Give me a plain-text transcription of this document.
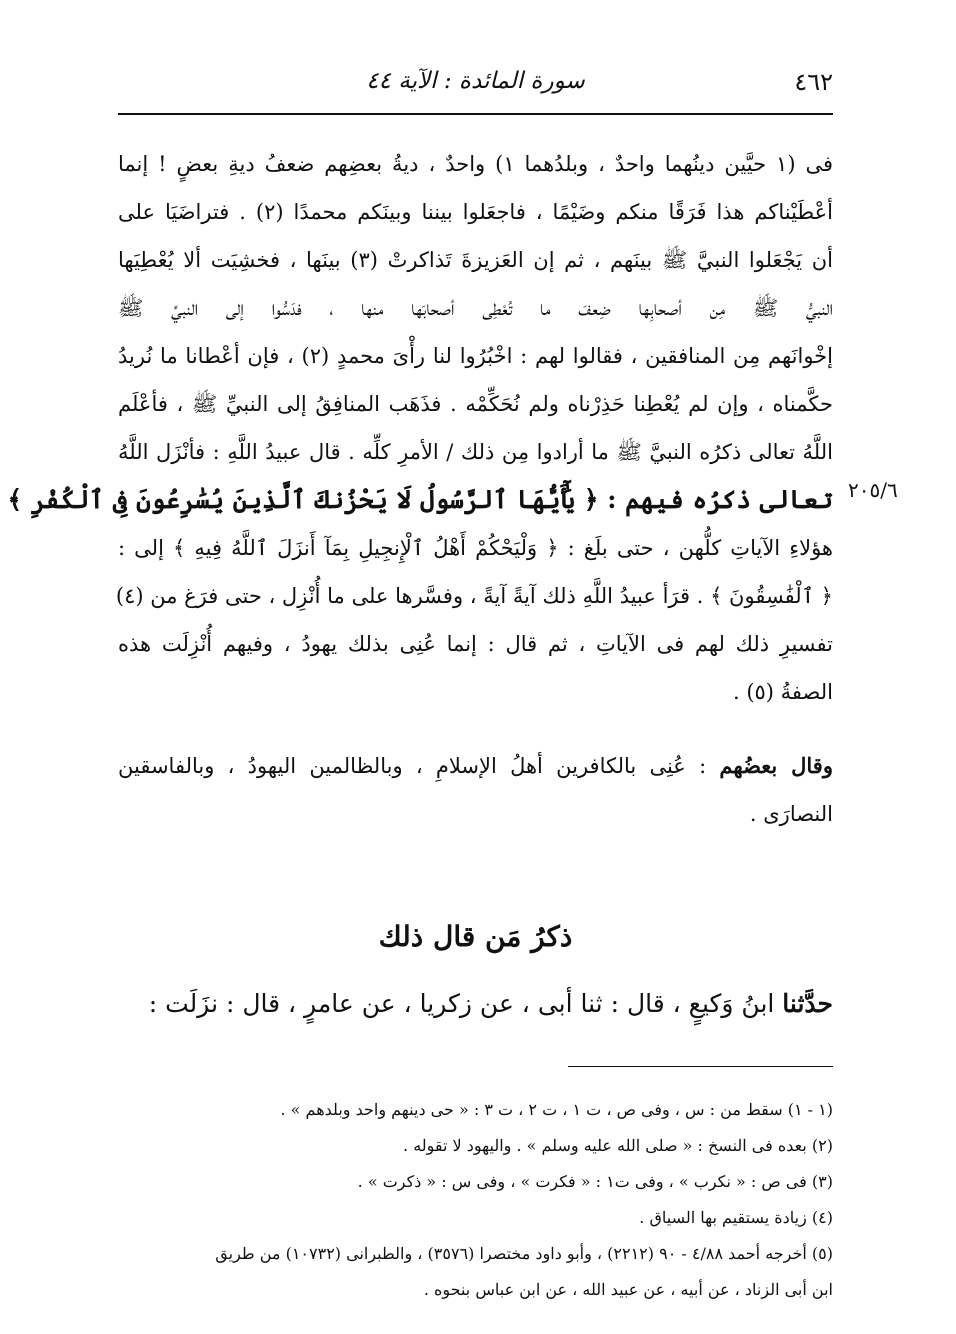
٤٦٢
سورة المائدة : الآية ٤٤
٢٠٥/٦
فى (١ حيَّين دينُهما واحدٌ ، وبلدُهما ١) واحدٌ ، ديةُ بعضِهم ضعفُ ديةِ بعضٍ ! إنما
أعْطَيْناكم هذا فَرَقًا منكم وضَيْمًا ، فاجعَلوا بيننا وبينَكم محمدًا (٢) . فتراضَيَا على
أن يَجْعَلوا النبيَّ ﷺ بينَهم ، ثم إن العَزيزةَ تَذاكرتْ (٣) بينَها ، فخشِيَت ألا يُعْطِيَها
النبيُّ ﷺ مِن أصحابِها ضِعفَ ما تُعْطِى أصحابَها منها ، فدَسُّوا إلى النبيِّ ﷺ
إخْوانَهم مِن المنافقين ، فقالوا لهم : اخْبُرُوا لنا رأْىَ محمدٍ (٢) ، فإن أعْطانا ما نُريدُ
حكَّمناه ، وإن لم يُعْطِنا حَذِرْناه ولم نُحَكِّمْه . فذَهَب المنافِقُ إلى النبيِّ ﷺ ، فأعْلَم
اللَّهُ تعالى ذكرُه النبيَّ ﷺ ما أرادوا مِن ذلك / الأمرِ كلِّه . قال عبيدُ اللَّهِ : فأنْزَل اللَّهُ
تعالى ذكرُه فيهم : ﴿ يَٰٓأَيُّهَا ٱلرَّسُولُ لَا يَحْزُنكَ ٱلَّذِينَ يُسَٰرِعُونَ فِى ٱلْكُفْرِ ﴾
هؤلاءِ الآياتِ كلُّهن ، حتى بلَغ : ﴿ وَلْيَحْكُمْ أَهْلُ ٱلْإِنجِيلِ بِمَآ أَنزَلَ ٱللَّهُ فِيهِ ﴾ إلى :
﴿ ٱلْفَٰسِقُونَ ﴾ . قرَأ عبيدُ اللَّهِ ذلك آيةً آيةً ، وفسَّرها على ما أُنْزِل ، حتى فرَغ من (٤)
تفسيرِ ذلك لهم فى الآياتِ ، ثم قال : إنما عُنِى بذلك يهودُ ، وفيهم أُنْزِلَت هذه
الصفةُ (٥) .
وقال بعضُهم : عُنِى بالكافرين أهلُ الإسلامِ ، وبالظالمين اليهودُ ، وبالفاسقين
النصارَى .
ذكرُ مَن قال ذلك
حدَّثنا ابنُ وَكيعٍ ، قال : ثنا أبى ، عن زكريا ، عن عامرٍ ، قال : نزَلَت :
(١ - ١) سقط من : س ، وفى ص ، ت ١ ، ت ٢ ، ت ٣ : « حى دينهم واحد وبلدهم » .
(٢) بعده فى النسخ : « صلى الله عليه وسلم » . واليهود لا تقوله .
(٣) فى ص : « نكرب » ، وفى ت١ : « فكرت » ، وفى س : « ذكرت » .
(٤) زيادة يستقيم بها السياق .
(٥) أخرجه أحمد ٤/٨٨ - ٩٠ (٢٢١٢) ، وأبو داود مختصرا (٣٥٧٦) ، والطبرانى (١٠٧٣٢) من طريق
ابن أبى الزناد ، عن أبيه ، عن عبيد الله ، عن ابن عباس بنحوه .
